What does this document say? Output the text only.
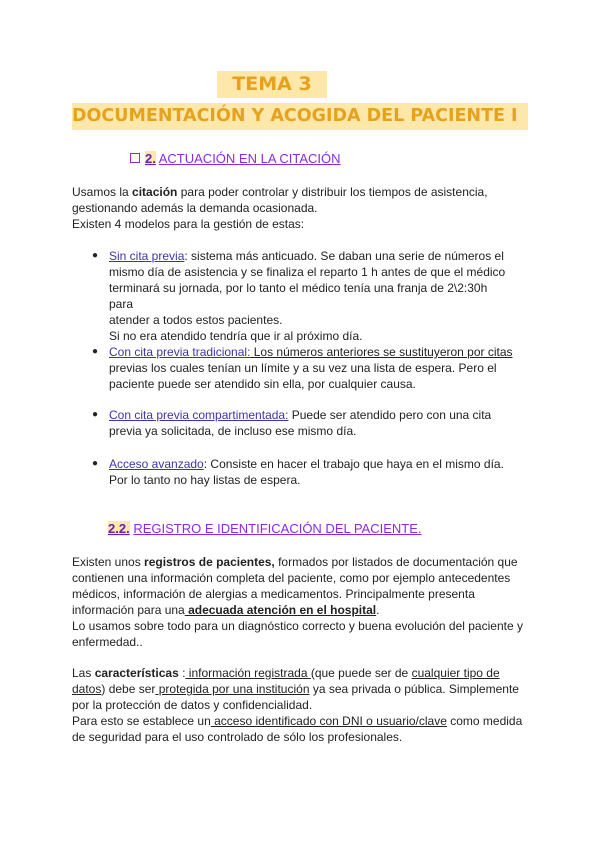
TEMA 3
DOCUMENTACIÓN Y ACOGIDA DEL PACIENTE I
2. ACTUACIÓN EN LA CITACIÓN
Usamos la citación para poder controlar y distribuir los tiempos de asistencia,
gestionando además la demanda ocasionada.
Existen 4 modelos para la gestión de estas:
● Sin cita previa: sistema más anticuado. Se daban una serie de números el
mismo día de asistencia y se finaliza el reparto 1 h antes de que el médico
terminará su jornada, por lo tanto el médico tenía una franja de 2\2:30h para
atender a todos estos pacientes.
Si no era atendido tendría que ir al próximo día.
● Con cita previa tradicional: Los números anteriores se sustituyeron por citas
previas los cuales tenían un límite y a su vez una lista de espera. Pero el
paciente puede ser atendido sin ella, por cualquier causa.
● Con cita previa compartimentada: Puede ser atendido pero con una cita
previa ya solicitada, de incluso ese mismo día.
● Acceso avanzado: Consiste en hacer el trabajo que haya en el mismo día.
Por lo tanto no hay listas de espera.
2.2. REGISTRO E IDENTIFICACIÓN DEL PACIENTE.
Existen unos registros de pacientes, formados por listados de documentación que
contienen una información completa del paciente, como por ejemplo antecedentes
médicos, información de alergias a medicamentos. Principalmente presenta
información para una adecuada atención en el hospital.
Lo usamos sobre todo para un diagnóstico correcto y buena evolución del paciente y
enfermedad..
Las características : información registrada (que puede ser de cualquier tipo de
datos) debe ser protegida por una institución ya sea privada o pública. Simplemente
por la protección de datos y confidencialidad.
Para esto se establece un acceso identificado con DNI o usuario/clave como medida
de seguridad para el uso controlado de sólo los profesionales.
